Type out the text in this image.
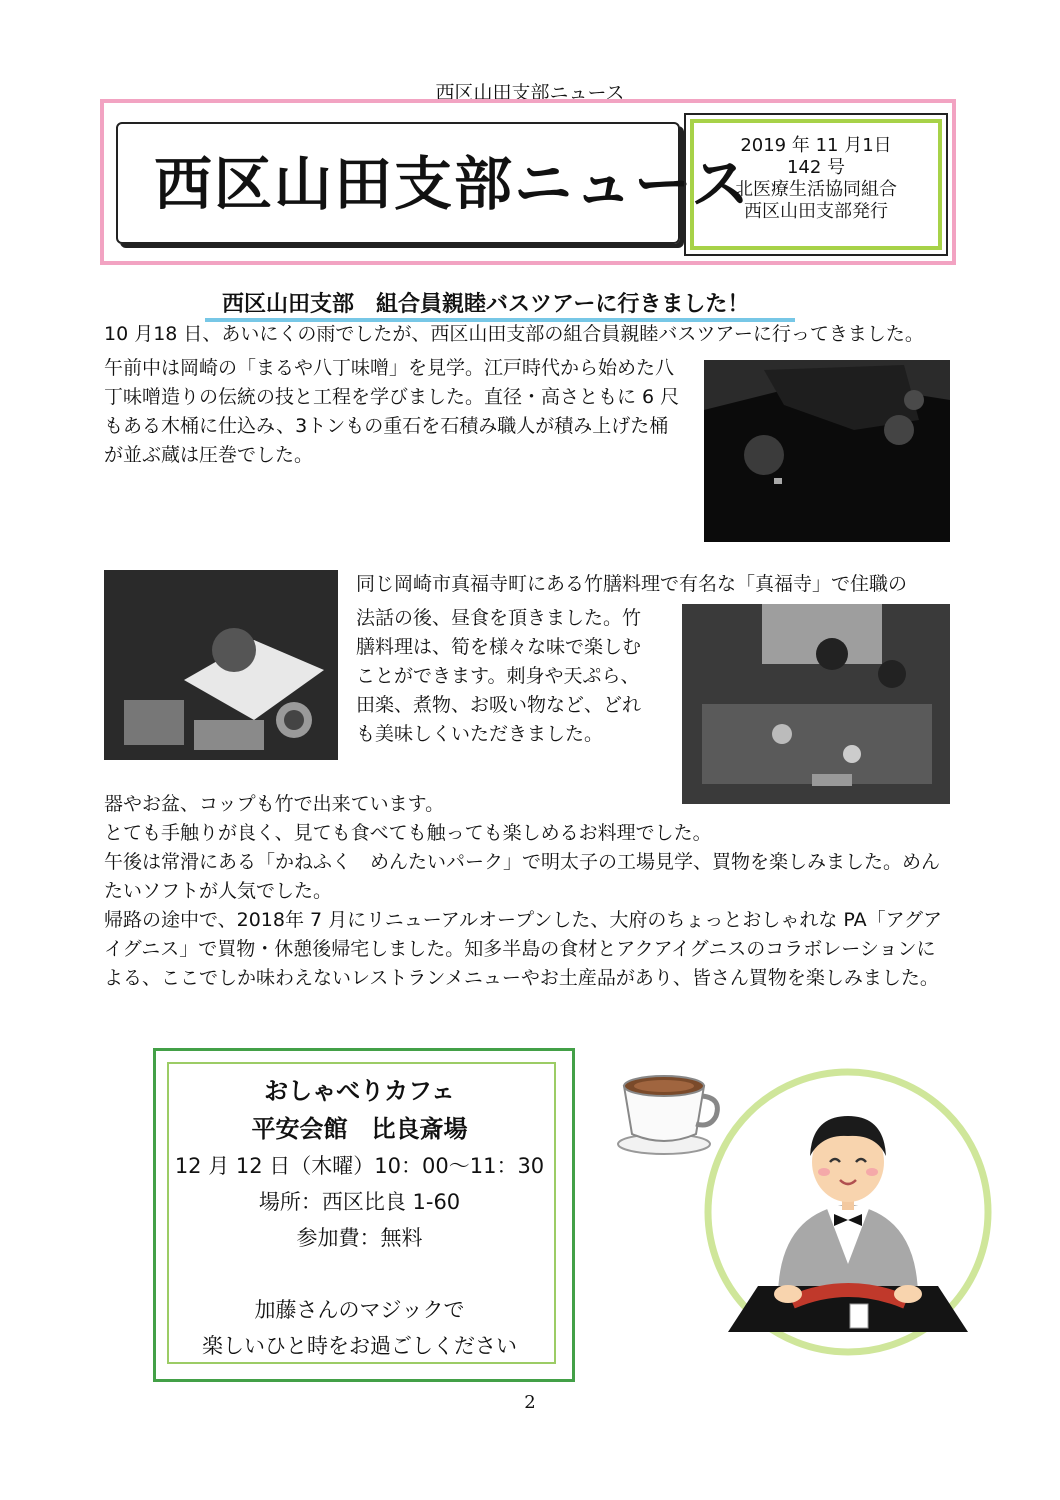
西区山田支部ニュース
西区山田支部ニュース
2019 年 11 月1日
142 号
北医療生活協同組合
西区山田支部発行
西区山田支部　組合員親睦バスツアーに行きました！
10 月18 日、あいにくの雨でしたが、西区山田支部の組合員親睦バスツアーに行ってきました。
午前中は岡崎の「まるや八丁味噌」を見学。江戸時代から始めた八
丁味噌造りの伝統の技と工程を学びました。直径・高さともに 6 尺
もある木桶に仕込み、3トンもの重石を石積み職人が積み上げた桶
が並ぶ蔵は圧巻でした。
同じ岡崎市真福寺町にある竹膳料理で有名な「真福寺」で住職の
法話の後、昼食を頂きました。竹
膳料理は、筍を様々な味で楽しむ
ことができます。刺身や天ぷら、
田楽、煮物、お吸い物など、どれ
も美味しくいただきました。
器やお盆、コップも竹で出来ています。
とても手触りが良く、見ても食べても触っても楽しめるお料理でした。
午後は常滑にある「かねふく　めんたいパーク」で明太子の工場見学、買物を楽しみました。めん
たいソフトが人気でした。
帰路の途中で、2018年 7 月にリニューアルオープンした、大府のちょっとおしゃれな PA「アグア
イグニス」で買物・休憩後帰宅しました。知多半島の食材とアクアイグニスのコラボレーションに
よる、ここでしか味わえないレストランメニューやお土産品があり、皆さん買物を楽しみました。
おしゃべりカフェ
平安会館　比良斎場
12 月 12 日（木曜）10：00～11：30
場所：西区比良 1-60
参加費：無料
加藤さんのマジックで
楽しいひと時をお過ごしください
2
